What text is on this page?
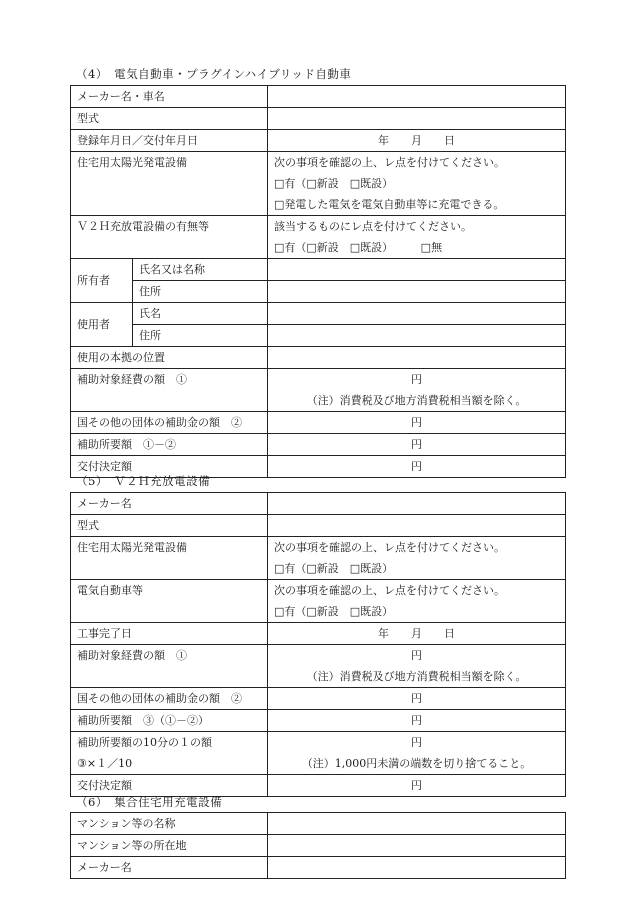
（4）　電気自動車・プラグインハイブリッド自動車
メーカー名・車名		
型式		
登録年月日／交付年月日		年　　月　　日

住宅用太陽光発電設備		次の事項を確認の上、レ点を付けてください。
□有（□新設　□既設）
□発電した電気を電気自動車等に充電できる。

Ｖ２Ｈ充放電設備の有無等		該当するものにレ点を付けてください。
□有（□新設　□既設）　　　□無

所有者	氏名又は名称	
	住所	
使用者	氏名	
	住所	
使用の本拠の位置		

補助対象経費の額　①		円
（注）消費税及び地方消費税相当額を除く。

国その他の団体の補助金の額　②		円
補助所要額　①－②		円
交付決定額		円
（5）　Ｖ２Ｈ充放電設備
メーカー名	
型式	

住宅用太陽光発電設備	次の事項を確認の上、レ点を付けてください。
□有（□新設　□既設）

電気自動車等	次の事項を確認の上、レ点を付けてください。
□有（□新設　□既設）

工事完了日	年　　月　　日

補助対象経費の額　①	円
（注）消費税及び地方消費税相当額を除く。

国その他の団体の補助金の額　②	円
補助所要額　③（①－②）	円

補助所要額の10分の１の額
③×１／10	円
（注）1,000円未満の端数を切り捨てること。

交付決定額	円
（6）　集合住宅用充電設備
マンション等の名称	
マンション等の所在地	
メーカー名	
